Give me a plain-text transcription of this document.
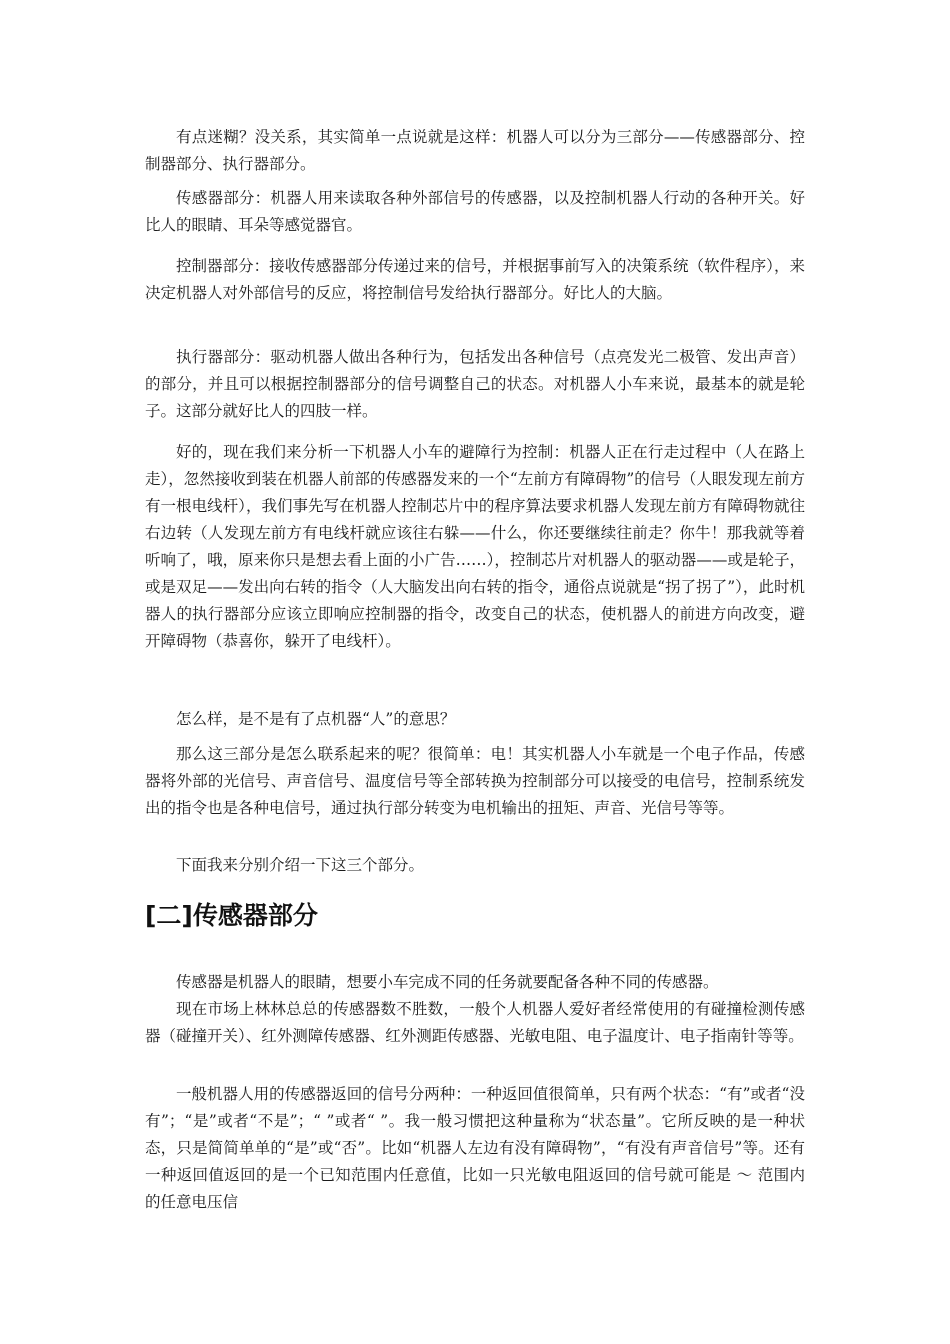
有点迷糊？没关系，其实简单一点说就是这样：机器人可以分为三部分——传感器部分、控制器部分、执行器部分。

传感器部分：机器人用来读取各种外部信号的传感器，以及控制机器人行动的各种开关。好比人的眼睛、耳朵等感觉器官。

控制器部分：接收传感器部分传递过来的信号，并根据事前写入的决策系统（软件程序），来决定机器人对外部信号的反应，将控制信号发给执行器部分。好比人的大脑。

执行器部分：驱动机器人做出各种行为，包括发出各种信号（点亮发光二极管、发出声音）的部分，并且可以根据控制器部分的信号调整自己的状态。对机器人小车来说，最基本的就是轮子。这部分就好比人的四肢一样。

好的，现在我们来分析一下机器人小车的避障行为控制：机器人正在行走过程中（人在路上走），忽然接收到装在机器人前部的传感器发来的一个“左前方有障碍物”的信号（人眼发现左前方有一根电线杆），我们事先写在机器人控制芯片中的程序算法要求机器人发现左前方有障碍物就往右边转（人发现左前方有电线杆就应该往右躲——什么，你还要继续往前走？你牛！那我就等着听响了，哦，原来你只是想去看上面的小广告……），控制芯片对机器人的驱动器——或是轮子，或是双足——发出向右转的指令（人大脑发出向右转的指令，通俗点说就是“拐了拐了”），此时机器人的执行器部分应该立即响应控制器的指令，改变自己的状态，使机器人的前进方向改变，避开障碍物（恭喜你，躲开了电线杆）。

怎么样，是不是有了点机器“人”的意思？

那么这三部分是怎么联系起来的呢？很简单：电！其实机器人小车就是一个电子作品，传感器将外部的光信号、声音信号、温度信号等全部转换为控制部分可以接受的电信号，控制系统发出的指令也是各种电信号，通过执行部分转变为电机输出的扭矩、声音、光信号等等。

下面我来分别介绍一下这三个部分。

[二]传感器部分

传感器是机器人的眼睛，想要小车完成不同的任务就要配备各种不同的传感器。

现在市场上林林总总的传感器数不胜数，一般个人机器人爱好者经常使用的有碰撞检测传感器（碰撞开关）、红外测障传感器、红外测距传感器、光敏电阻、电子温度计、电子指南针等等。

一般机器人用的传感器返回的信号分两种：一种返回值很简单，只有两个状态：“有”或者“没有”；“是”或者“不是”；“ ”或者“ ”。我一般习惯把这种量称为“状态量”。它所反映的是一种状态，只是简简单单的“是”或“否”。比如“机器人左边有没有障碍物”，“有没有声音信号”等。还有一种返回值返回的是一个已知范围内任意值，比如一只光敏电阻返回的信号就可能是 ～ 范围内的任意电压信
